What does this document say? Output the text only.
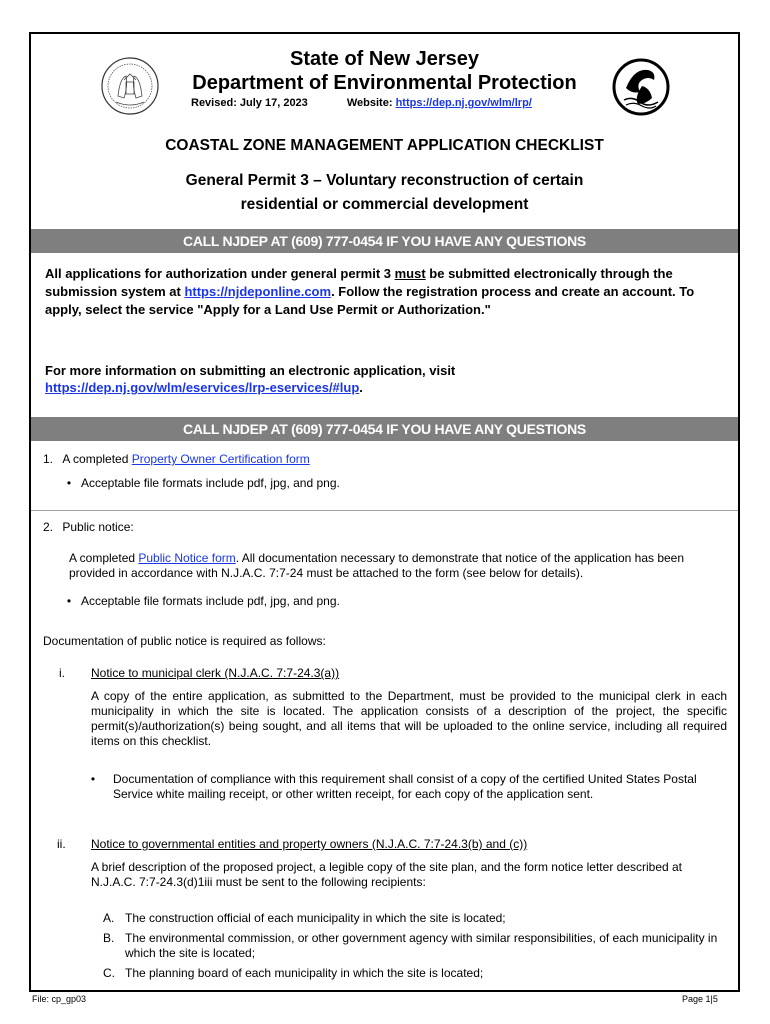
State of New Jersey
Department of Environmental Protection
Revised: July 17, 2023	Website: https://dep.nj.gov/wlm/lrp/
COASTAL ZONE MANAGEMENT APPLICATION CHECKLIST
General Permit 3 – Voluntary reconstruction of certain
residential or commercial development
CALL NJDEP AT (609) 777-0454 IF YOU HAVE ANY QUESTIONS
All applications for authorization under general permit 3 must be submitted electronically through the submission system at https://njdeponline.com. Follow the registration process and create an account. To apply, select the service "Apply for a Land Use Permit or Authorization."
For more information on submitting an electronic application, visit
https://dep.nj.gov/wlm/eservices/lrp-eservices/#lup.
CALL NJDEP AT (609) 777-0454 IF YOU HAVE ANY QUESTIONS
1. A completed Property Owner Certification form
• Acceptable file formats include pdf, jpg, and png.
2. Public notice:
A completed Public Notice form. All documentation necessary to demonstrate that notice of the application has been provided in accordance with N.J.A.C. 7:7-24 must be attached to the form (see below for details).
• Acceptable file formats include pdf, jpg, and png.
Documentation of public notice is required as follows:
i. Notice to municipal clerk (N.J.A.C. 7:7-24.3(a))
A copy of the entire application, as submitted to the Department, must be provided to the municipal clerk in each municipality in which the site is located. The application consists of a description of the project, the specific permit(s)/authorization(s) being sought, and all items that will be uploaded to the online service, including all required items on this checklist.
•	Documentation of compliance with this requirement shall consist of a copy of the certified United States Postal Service white mailing receipt, or other written receipt, for each copy of the application sent.
ii. Notice to governmental entities and property owners (N.J.A.C. 7:7-24.3(b) and (c))
A brief description of the proposed project, a legible copy of the site plan, and the form notice letter described at N.J.A.C. 7:7-24.3(d)1iii must be sent to the following recipients:
A. The construction official of each municipality in which the site is located;
B. The environmental commission, or other government agency with similar responsibilities, of each municipality in which the site is located;
C. The planning board of each municipality in which the site is located;
File: cp_gp03	Page 1|5
